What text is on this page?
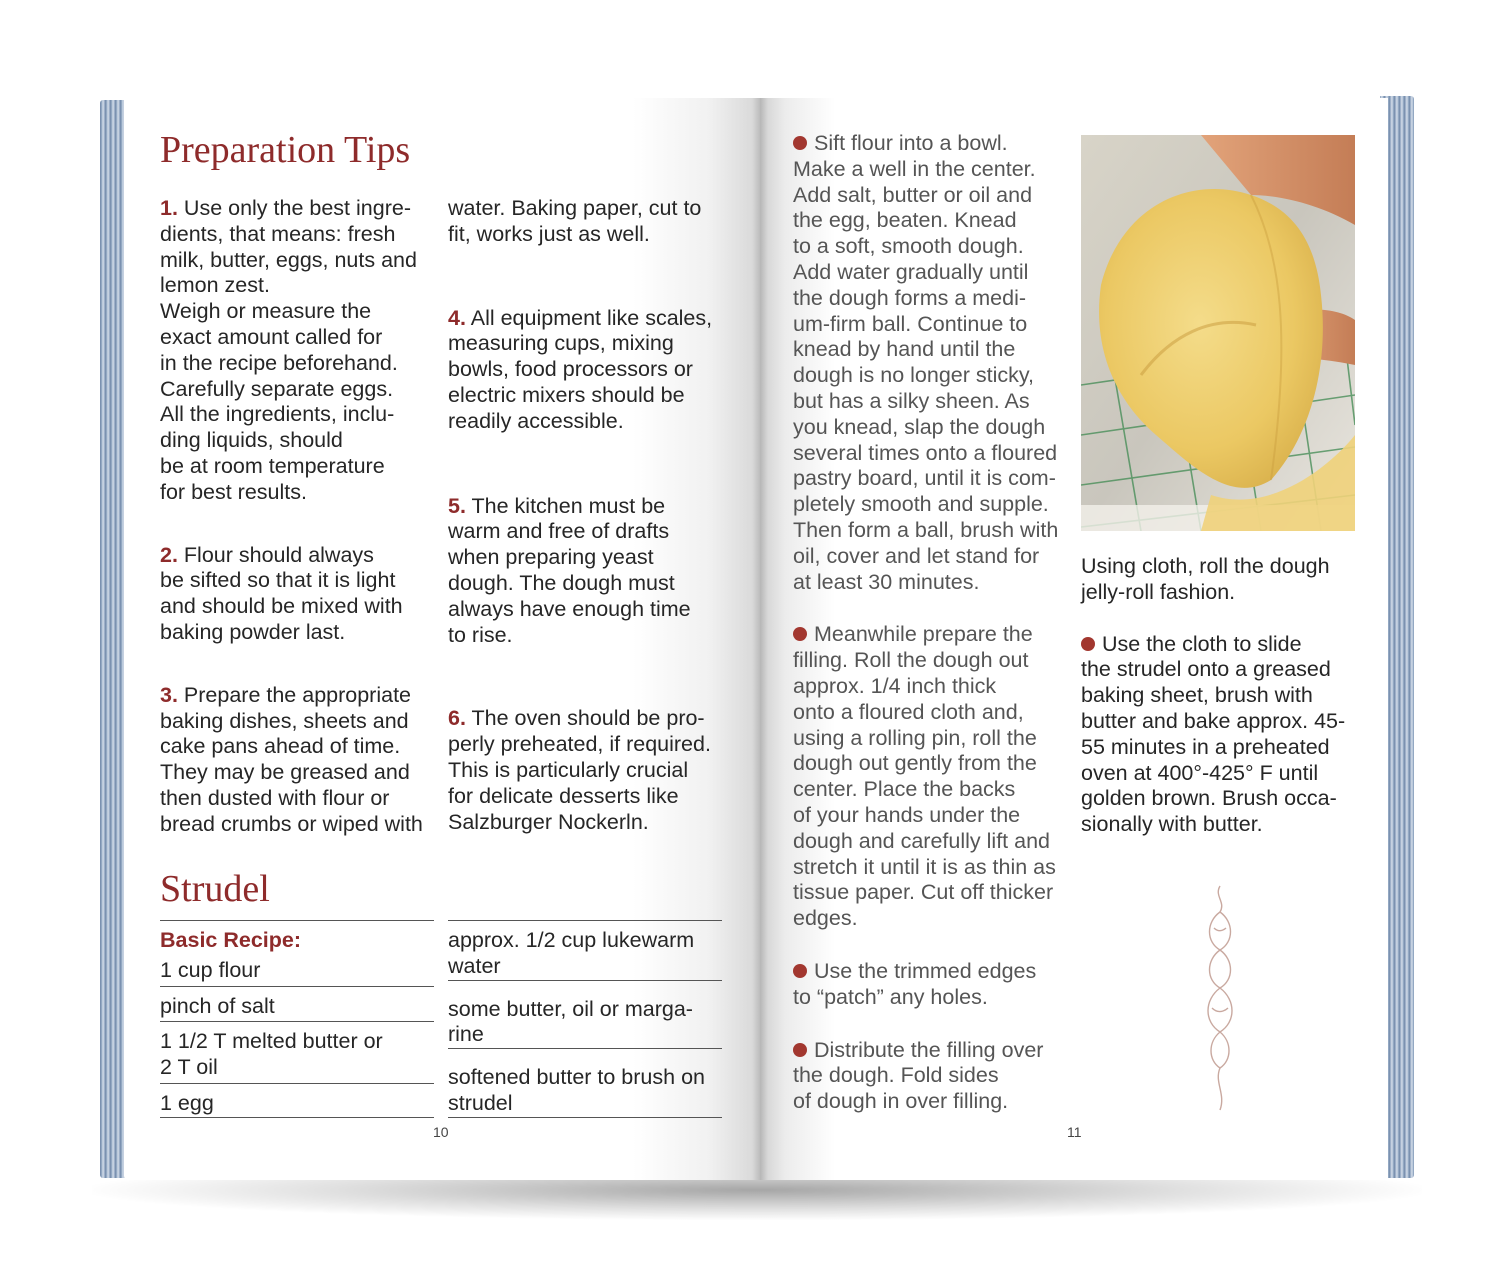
Preparation Tips

1. Use only the best ingre-
dients, that means: fresh
milk, butter, eggs, nuts and
lemon zest.
Weigh or measure the
exact amount called for
in the recipe beforehand.
Carefully separate eggs.
All the ingredients, inclu-
ding liquids, should
be at room temperature
for best results.

2. Flour should always
be sifted so that it is light
and should be mixed with
baking powder last.

3. Prepare the appropriate
baking dishes, sheets and
cake pans ahead of time.
They may be greased and
then dusted with flour or
bread crumbs or wiped with

water. Baking paper, cut to
fit, works just as well.

4. All equipment like scales,
measuring cups, mixing
bowls, food processors or
electric mixers should be
readily accessible.

5. The kitchen must be
warm and free of drafts
when preparing yeast
dough. The dough must
always have enough time
to rise.

6. The oven should be pro-
perly preheated, if required.
This is particularly crucial
for delicate desserts like
Salzburger Nockerln.

Strudel
Basic Recipe:
1 cup flour
pinch of salt
1 1/2 T melted butter or
2 T oil
1 egg
approx. 1/2 cup lukewarm
water
some butter, oil or marga-
rine
softened butter to brush on
strudel
10

Sift flour into a bowl.
Make a well in the center.
Add salt, butter or oil and
the egg, beaten. Knead
to a soft, smooth dough.
Add water gradually until
the dough forms a medi-
um-firm ball. Continue to
knead by hand until the
dough is no longer sticky,
but has a silky sheen. As
you knead, slap the dough
several times onto a floured
pastry board, until it is com-
pletely smooth and supple.
Then form a ball, brush with
oil, cover and let stand for
at least 30 minutes.

Meanwhile prepare the
filling. Roll the dough out
approx. 1/4 inch thick
onto a floured cloth and,
using a rolling pin, roll the
dough out gently from the
center. Place the backs
of your hands under the
dough and carefully lift and
stretch it until it is as thin as
tissue paper. Cut off thicker
edges.

Use the trimmed edges
to “patch” any holes.

Distribute the filling over
the dough. Fold sides
of dough in over filling.

Using cloth, roll the dough
jelly-roll fashion.

Use the cloth to slide
the strudel onto a greased
baking sheet, brush with
butter and bake approx. 45-
55 minutes in a preheated
oven at 400°-425° F until
golden brown. Brush occa-
sionally with butter.

11
